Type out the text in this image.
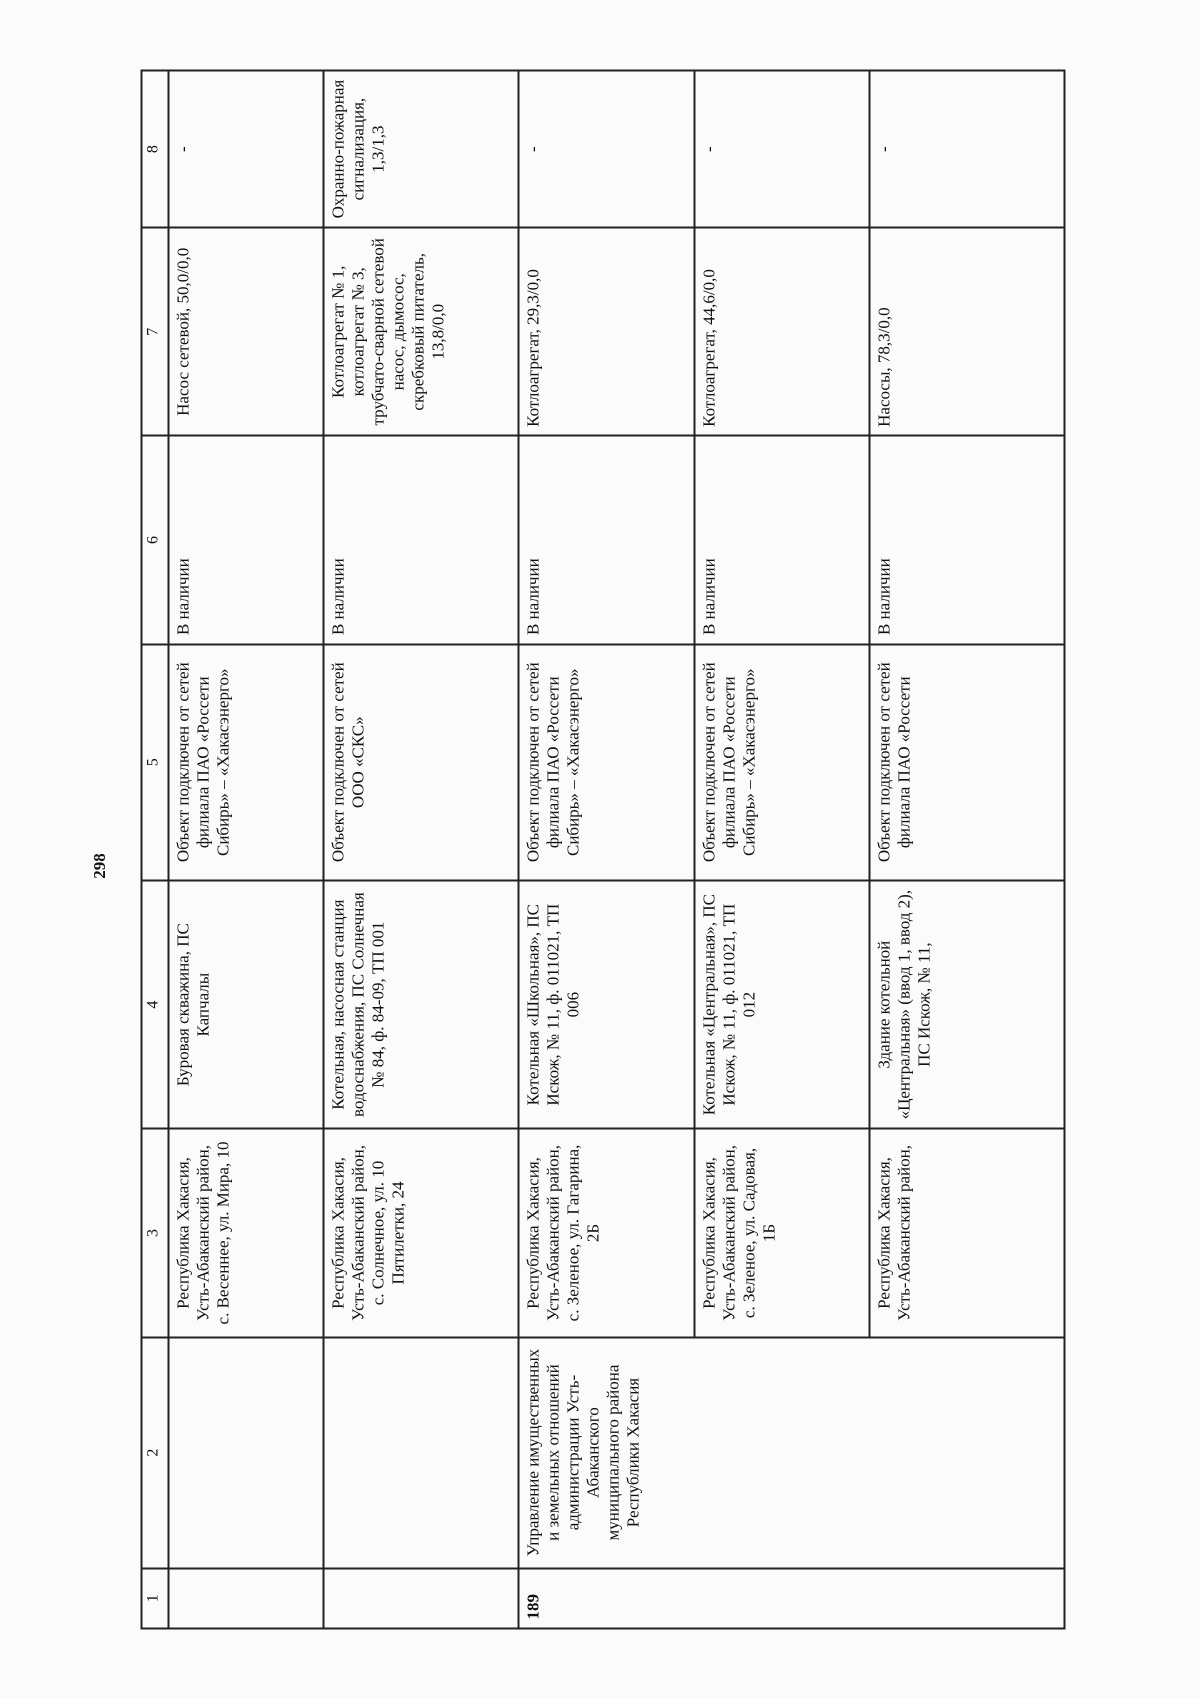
298
1	2	3	4	5	6	7	8
		Республика Хакасия, Усть-Абаканский район, с. Весеннее, ул. Мира, 10	Буровая скважина, ПС Капчалы	Объект подключен от сетей филиала ПАО «Россети Сибирь» – «Хакасэнерго»	В наличии	Насос сетевой, 50,0/0,0	-
		Республика Хакасия, Усть-Абаканский район, с. Солнечное, ул. 10 Пятилетки, 24	Котельная, насосная станция водоснабжения, ПС Солнечная № 84, ф. 84-09, ТП 001	Объект подключен от сетей ООО «СКС»	В наличии	Котлоагрегат № 1, котлоагрегат № 3, трубчато-сварной сетевой насос, дымосос, скребковый питатель, 13,8/0,0	Охранно-пожарная сигнализация, 1,3/1,3
189	Управление имущественных и земельных отношений администрации Усть-Абаканского муниципального района Республики Хакасия	Республика Хакасия, Усть-Абаканский район, с. Зеленое, ул. Гагарина, 2Б	Котельная «Школьная», ПС Искож, № 11, ф. 011021, ТП 006	Объект подключен от сетей филиала ПАО «Россети Сибирь» – «Хакасэнерго»	В наличии	Котлоагрегат, 29,3/0,0	-
		Республика Хакасия, Усть-Абаканский район, с. Зеленое, ул. Садовая, 1Б	Котельная «Центральная», ПС Искож, № 11, ф. 011021, ТП 012	Объект подключен от сетей филиала ПАО «Россети Сибирь» – «Хакасэнерго»	В наличии	Котлоагрегат, 44,6/0,0	-
		Республика Хакасия, Усть-Абаканский район,	Здание котельной «Центральная» (ввод 1, ввод 2), ПС Искож, № 11,	Объект подключен от сетей филиала ПАО «Россети	В наличии	Насосы, 78,3/0,0	-
